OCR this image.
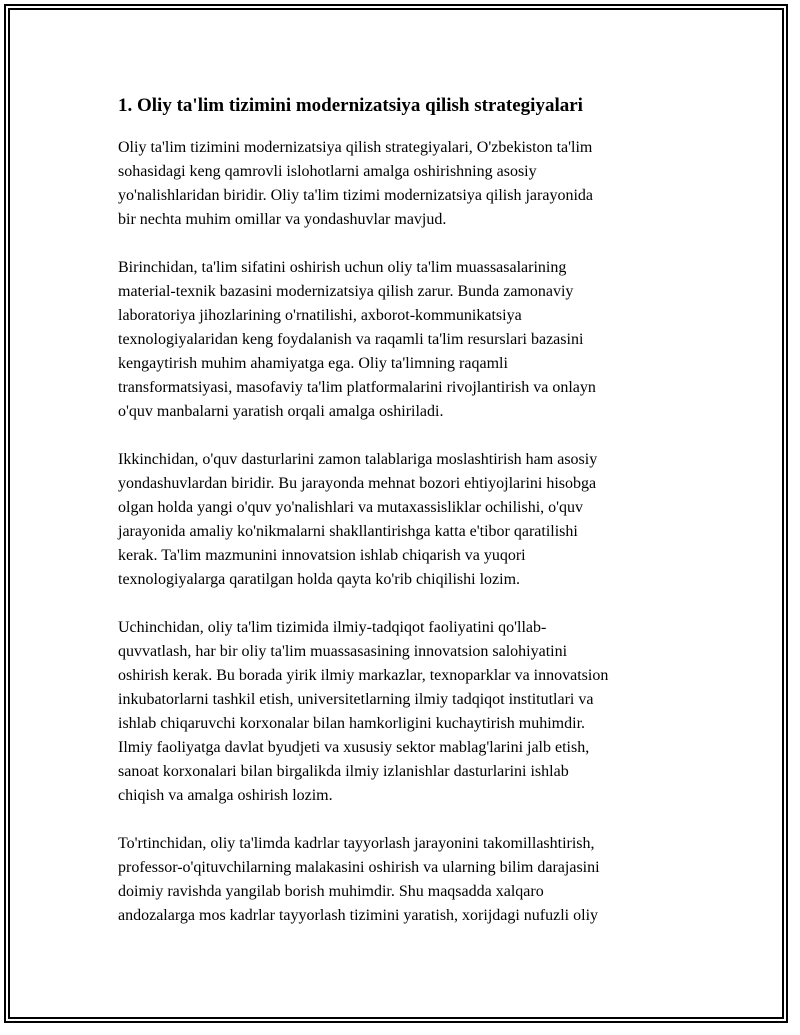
1. Oliy ta'lim tizimini modernizatsiya qilish strategiyalari

Oliy ta'lim tizimini modernizatsiya qilish strategiyalari, O'zbekiston ta'lim
sohasidagi keng qamrovli islohotlarni amalga oshirishning asosiy
yo'nalishlaridan biridir. Oliy ta'lim tizimi modernizatsiya qilish jarayonida
bir nechta muhim omillar va yondashuvlar mavjud.

Birinchidan, ta'lim sifatini oshirish uchun oliy ta'lim muassasalarining
material-texnik bazasini modernizatsiya qilish zarur. Bunda zamonaviy
laboratoriya jihozlarining o'rnatilishi, axborot-kommunikatsiya
texnologiyalaridan keng foydalanish va raqamli ta'lim resurslari bazasini
kengaytirish muhim ahamiyatga ega. Oliy ta'limning raqamli
transformatsiyasi, masofaviy ta'lim platformalarini rivojlantirish va onlayn
o'quv manbalarni yaratish orqali amalga oshiriladi.

Ikkinchidan, o'quv dasturlarini zamon talablariga moslashtirish ham asosiy
yondashuvlardan biridir. Bu jarayonda mehnat bozori ehtiyojlarini hisobga
olgan holda yangi o'quv yo'nalishlari va mutaxassisliklar ochilishi, o'quv
jarayonida amaliy ko'nikmalarni shakllantirishga katta e'tibor qaratilishi
kerak. Ta'lim mazmunini innovatsion ishlab chiqarish va yuqori
texnologiyalarga qaratilgan holda qayta ko'rib chiqilishi lozim.

Uchinchidan, oliy ta'lim tizimida ilmiy-tadqiqot faoliyatini qo'llab-
quvvatlash, har bir oliy ta'lim muassasasining innovatsion salohiyatini
oshirish kerak. Bu borada yirik ilmiy markazlar, texnoparklar va innovatsion
inkubatorlarni tashkil etish, universitetlarning ilmiy tadqiqot institutlari va
ishlab chiqaruvchi korxonalar bilan hamkorligini kuchaytirish muhimdir.
Ilmiy faoliyatga davlat byudjeti va xususiy sektor mablag'larini jalb etish,
sanoat korxonalari bilan birgalikda ilmiy izlanishlar dasturlarini ishlab
chiqish va amalga oshirish lozim.

To'rtinchidan, oliy ta'limda kadrlar tayyorlash jarayonini takomillashtirish,
professor-o'qituvchilarning malakasini oshirish va ularning bilim darajasini
doimiy ravishda yangilab borish muhimdir. Shu maqsadda xalqaro
andozalarga mos kadrlar tayyorlash tizimini yaratish, xorijdagi nufuzli oliy
